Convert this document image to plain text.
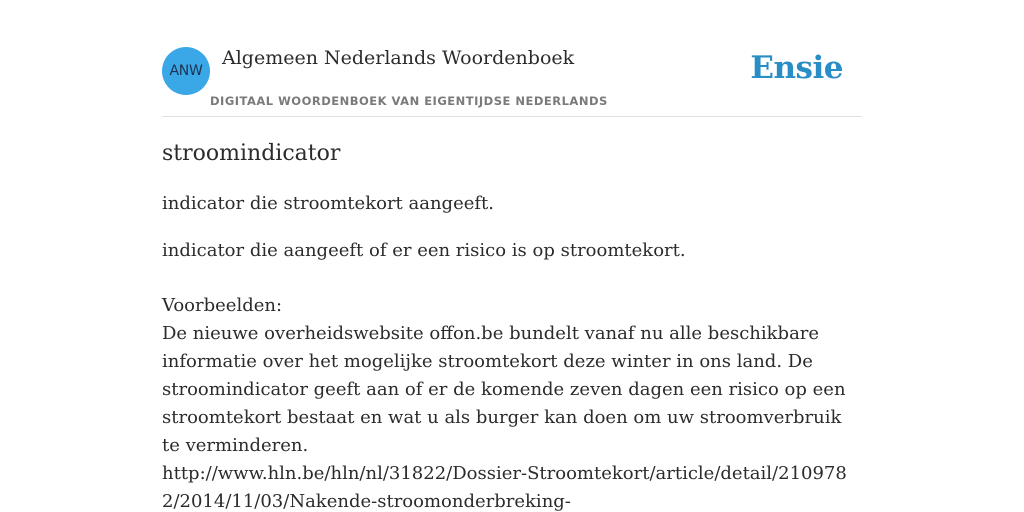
ANW
Algemeen Nederlands Woordenboek
DIGITAAL WOORDENBOEK VAN EIGENTIJDSE NEDERLANDS
Ensie
stroomindicator

indicator die stroomtekort aangeeft.

indicator die aangeeft of er een risico is op stroomtekort.

Voorbeelden:
De nieuwe overheidswebsite offon.be bundelt vanaf nu alle beschikbare informatie over het mogelijke stroomtekort deze winter in ons land. De stroomindicator geeft aan of er de komende zeven dagen een risico op een stroomtekort bestaat en wat u als burger kan doen om uw stroomverbruik te verminderen.
http://www.hln.be/hln/nl/31822/Dossier-Stroomtekort/article/detail/2109782/2014/11/03/Nakende-stroomonderbreking-
